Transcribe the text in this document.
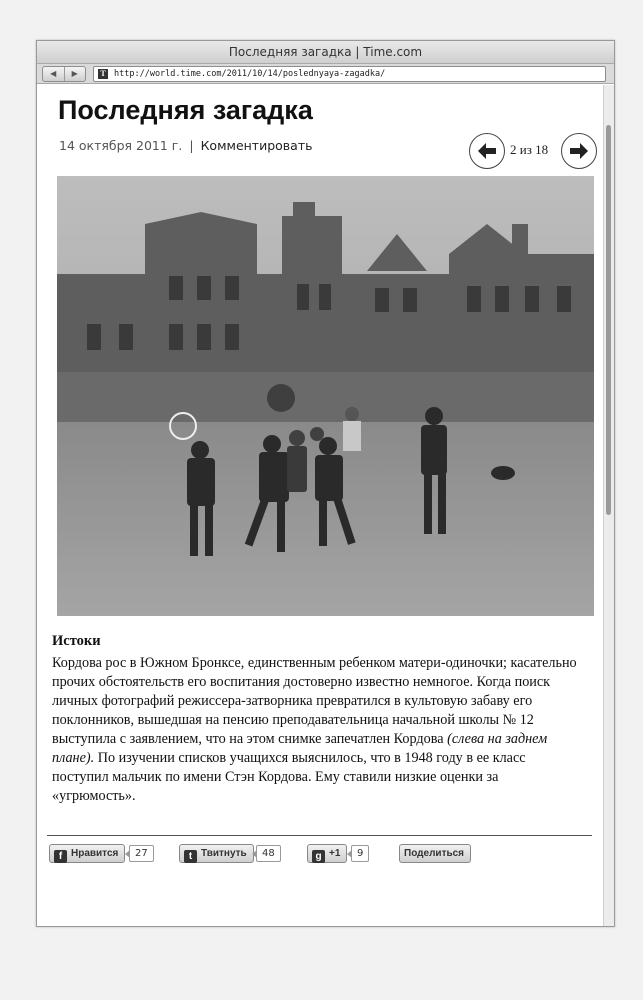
Последняя загадка | Time.com
◀	▶	T http://world.time.com/2011/10/14/poslednyaya-zagadka/
Последняя загадка
14 октября 2011 г. | Комментировать	2 из 18
Истоки

Кордова рос в Южном Бронксе, единственным ребенком матери-одиночки; касательно прочих обстоятельств его воспитания достоверно известно немногое. Когда поиск личных фотографий режиссера-затворника превратился в культовую забаву его поклонников, вышедшая на пенсию преподавательница начальной школы № 12 выступила с заявлением, что на этом снимке запечатлен Кордова (слева на заднем плане). По изучении списков учащихся выяснилось, что в 1948 году в ее класс поступил мальчик по имени Стэн Кордова. Ему ставили низкие оценки за «угрюмость».

f Нравится	27	t Твитнуть	48	g +1	9	Поделиться
